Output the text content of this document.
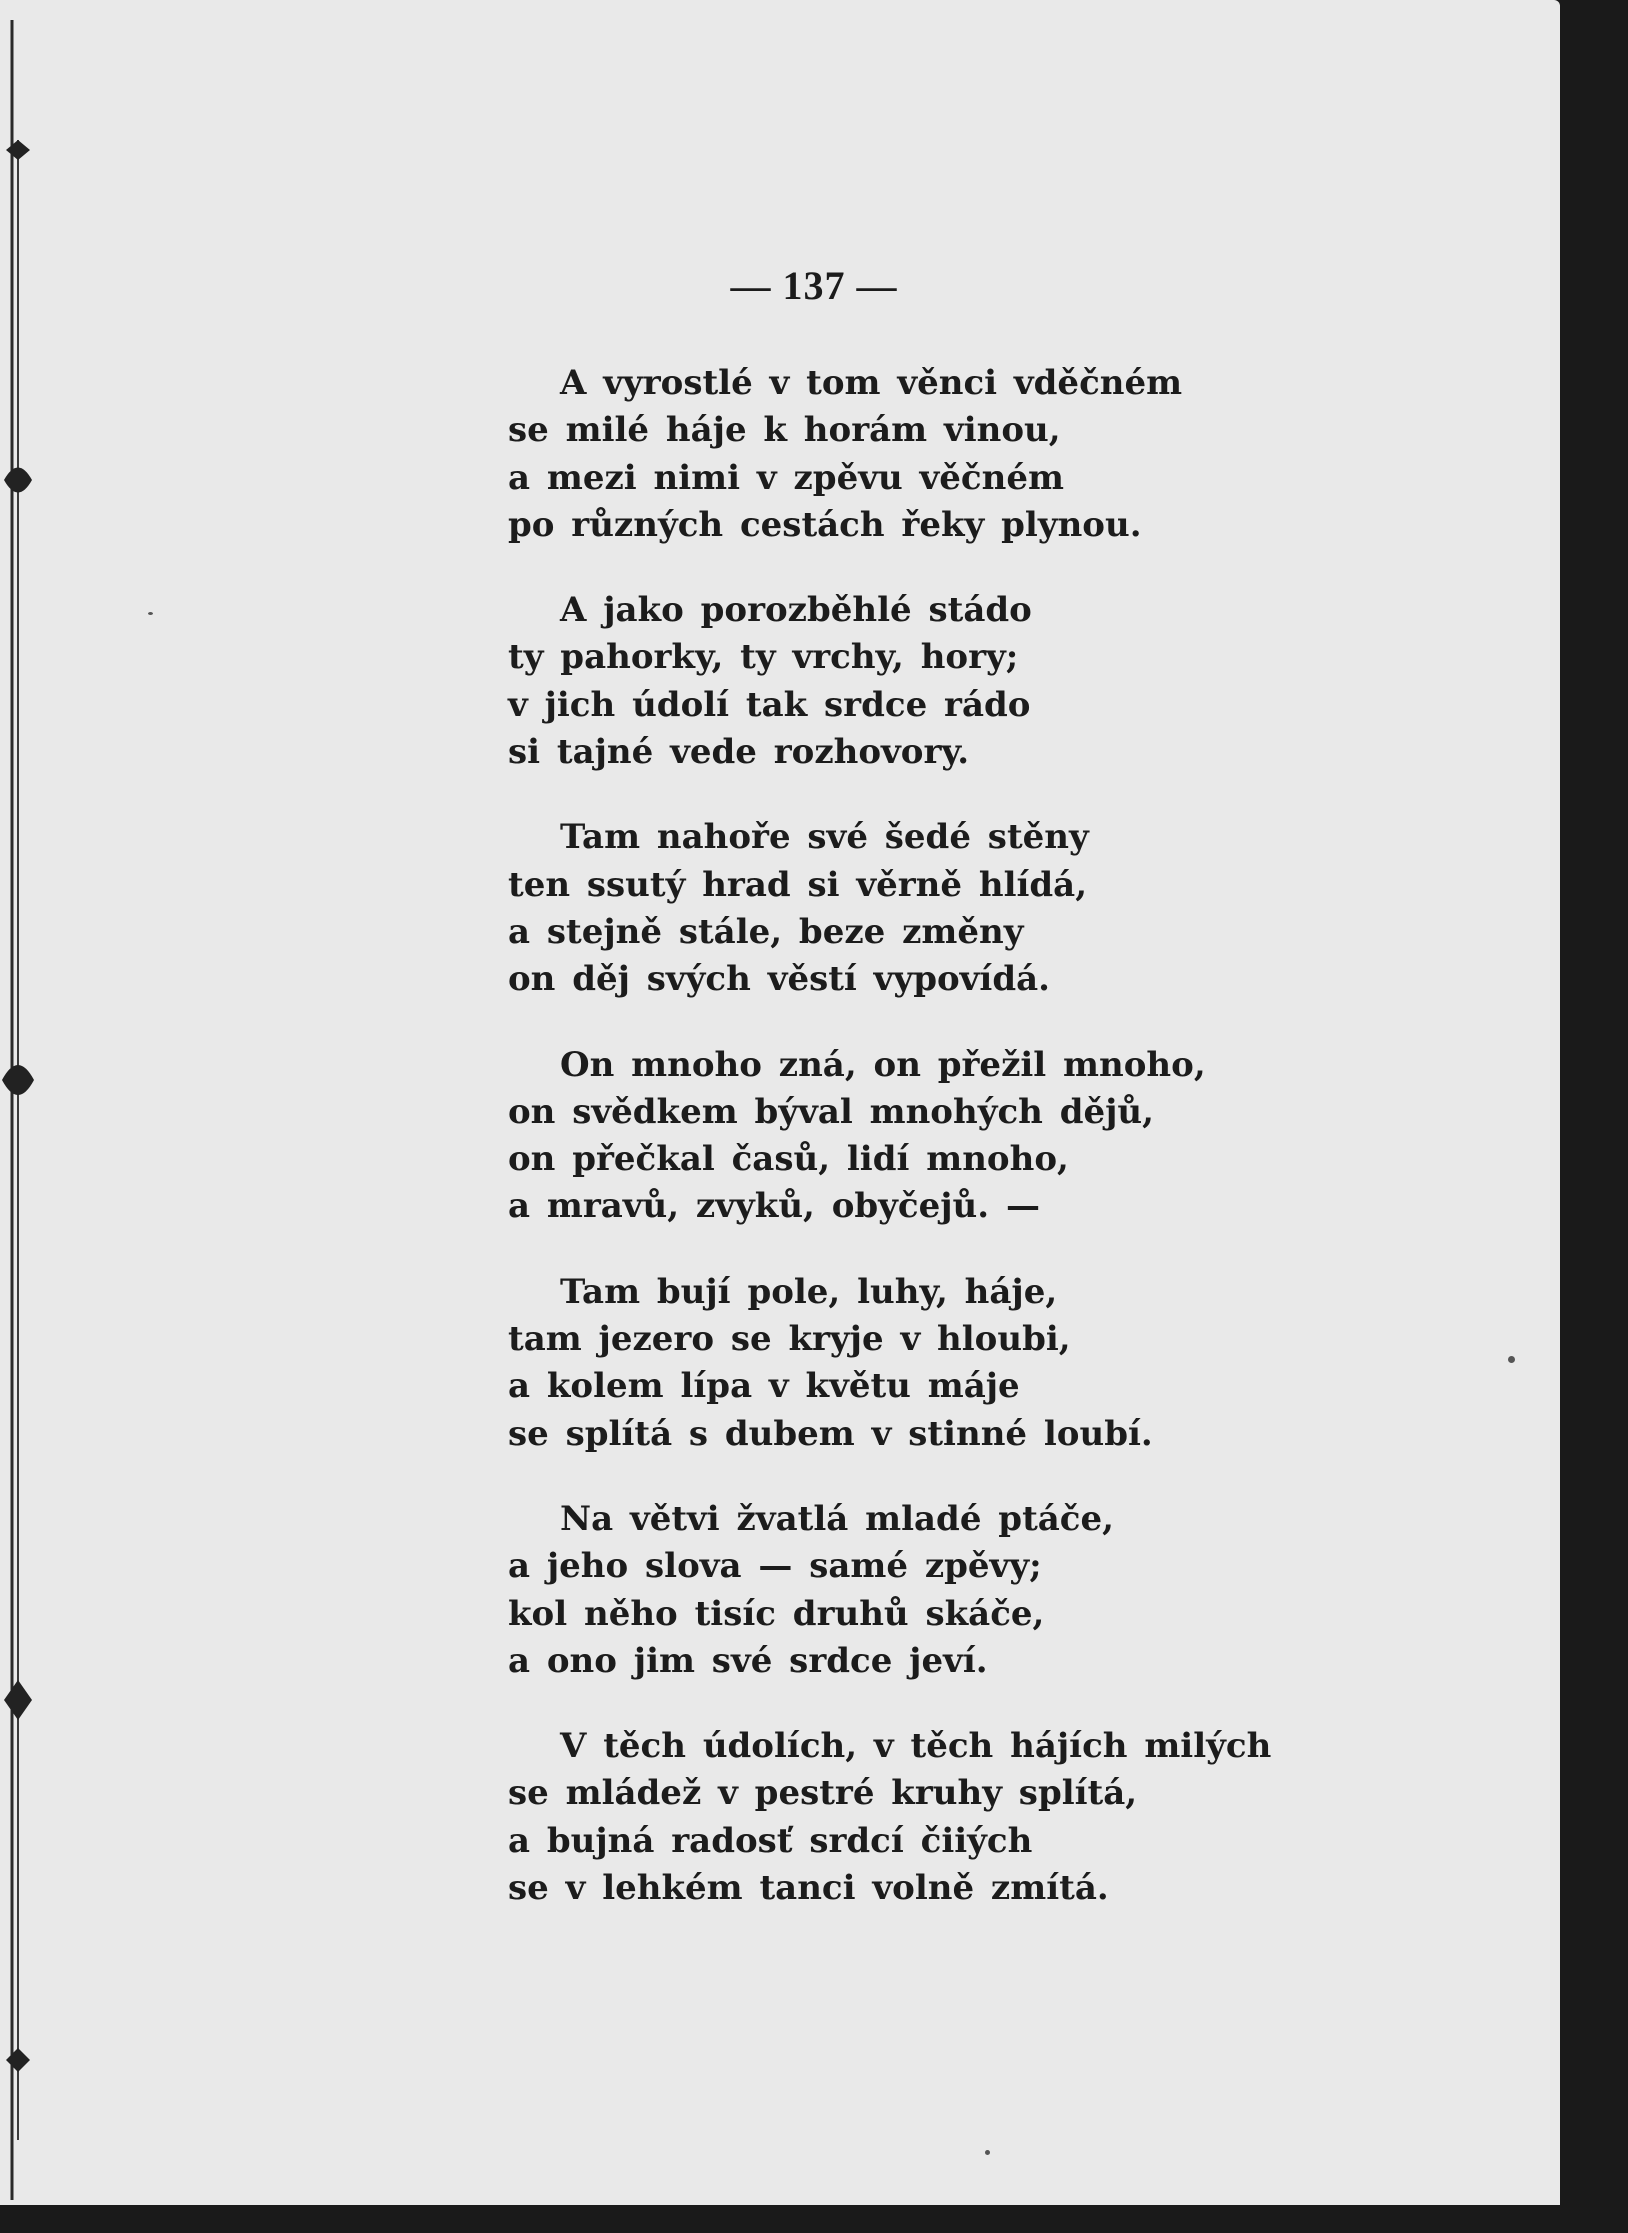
— 137 —
A vyrostlé v tom věnci vděčném
se milé háje k horám vinou,
a mezi nimi v zpěvu věčném
po různých cestách řeky plynou.
A jako porozběhlé stádo
ty pahorky, ty vrchy, hory;
v jich údolí tak srdce rádo
si tajné vede rozhovory.
Tam nahoře své šedé stěny
ten ssutý hrad si věrně hlídá,
a stejně stále, beze změny
on děj svých věstí vypovídá.
On mnoho zná, on přežil mnoho,
on svědkem býval mnohých dějů,
on přečkal časů, lidí mnoho,
a mravů, zvyků, obyčejů. —
Tam bují pole, luhy, háje,
tam jezero se kryje v hloubi,
a kolem lípa v květu máje
se splítá s dubem v stinné loubí.
Na větvi žvatlá mladé ptáče,
a jeho slova — samé zpěvy;
kol něho tisíc druhů skáče,
a ono jim své srdce jeví.
V těch údolích, v těch hájích milých
se mládež v pestré kruhy splítá,
a bujná radosť srdcí čiiých
se v lehkém tanci volně zmítá.
